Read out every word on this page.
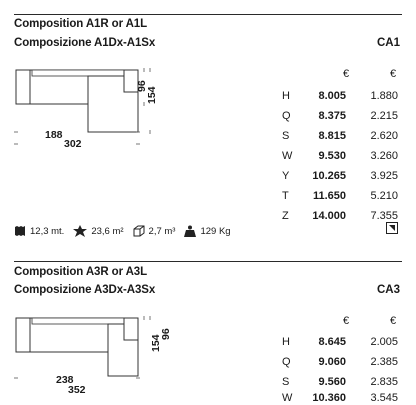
Composition A1R or A1L
Composizione A1Dx-A1Sx	CA1
188
302
96
154
€	€
H	8.005 1.880
Q	8.375 2.215
S	8.815 2.620
W 9.530 3.260
Y 10.265 3.925
T 11.650 5.210
Z 14.000 7.355
12,3 mt.	23,6 m²	2,7 m³	129 Kg
Composition A3R or A3L
Composizione A3Dx-A3Sx	CA3
238
352
96
154
€	€
H	8.645 2.005
Q	9.060 2.385
S	9.560 2.835
W 10.360 3.545
